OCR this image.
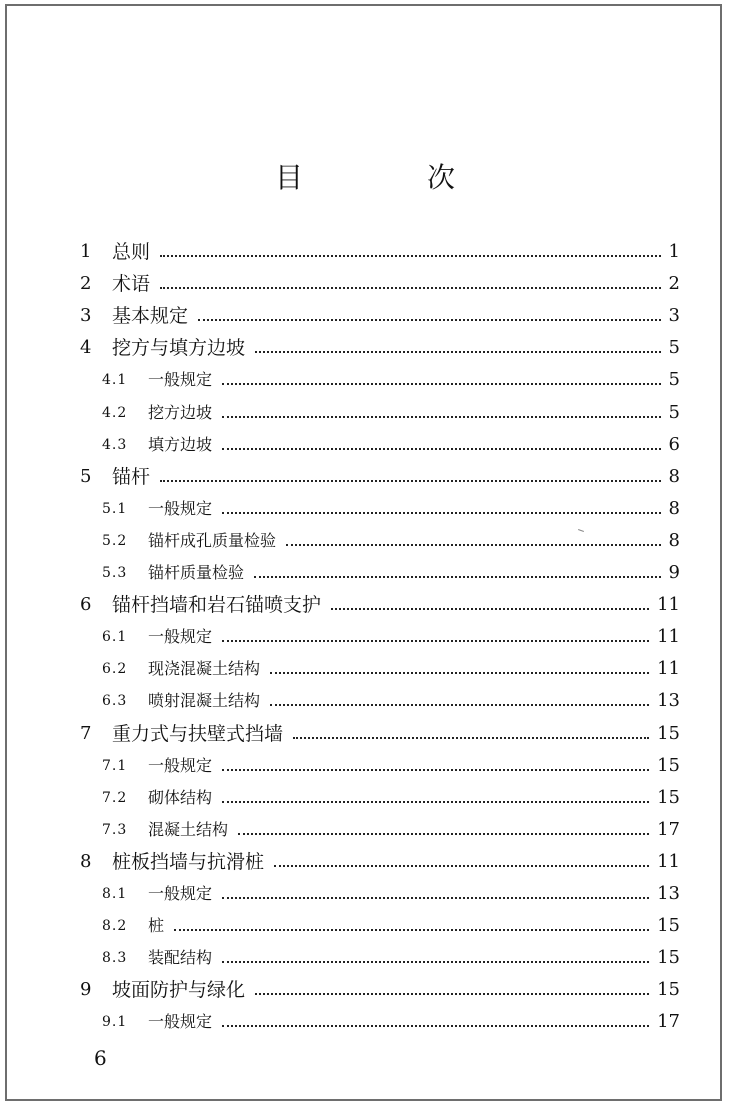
目　次
1 总则	1
2 术语	2
3 基本规定	3
4 挖方与填方边坡	5
4.1 一般规定	5
4.2 挖方边坡	5
4.3 填方边坡	6
5 锚杆	8
5.1 一般规定	8
5.2 锚杆成孔质量检验	8
5.3 锚杆质量检验	9
6 锚杆挡墙和岩石锚喷支护	11
6.1 一般规定	11
6.2 现浇混凝土结构	11
6.3 喷射混凝土结构	13
7 重力式与扶壁式挡墙	15
7.1 一般规定	15
7.2 砌体结构	15
7.3 混凝土结构	17
8 桩板挡墙与抗滑桩	11
8.1 一般规定	13
8.2 桩	15
8.3 装配结构	15
9 坡面防护与绿化	15
9.1 一般规定	17
6
